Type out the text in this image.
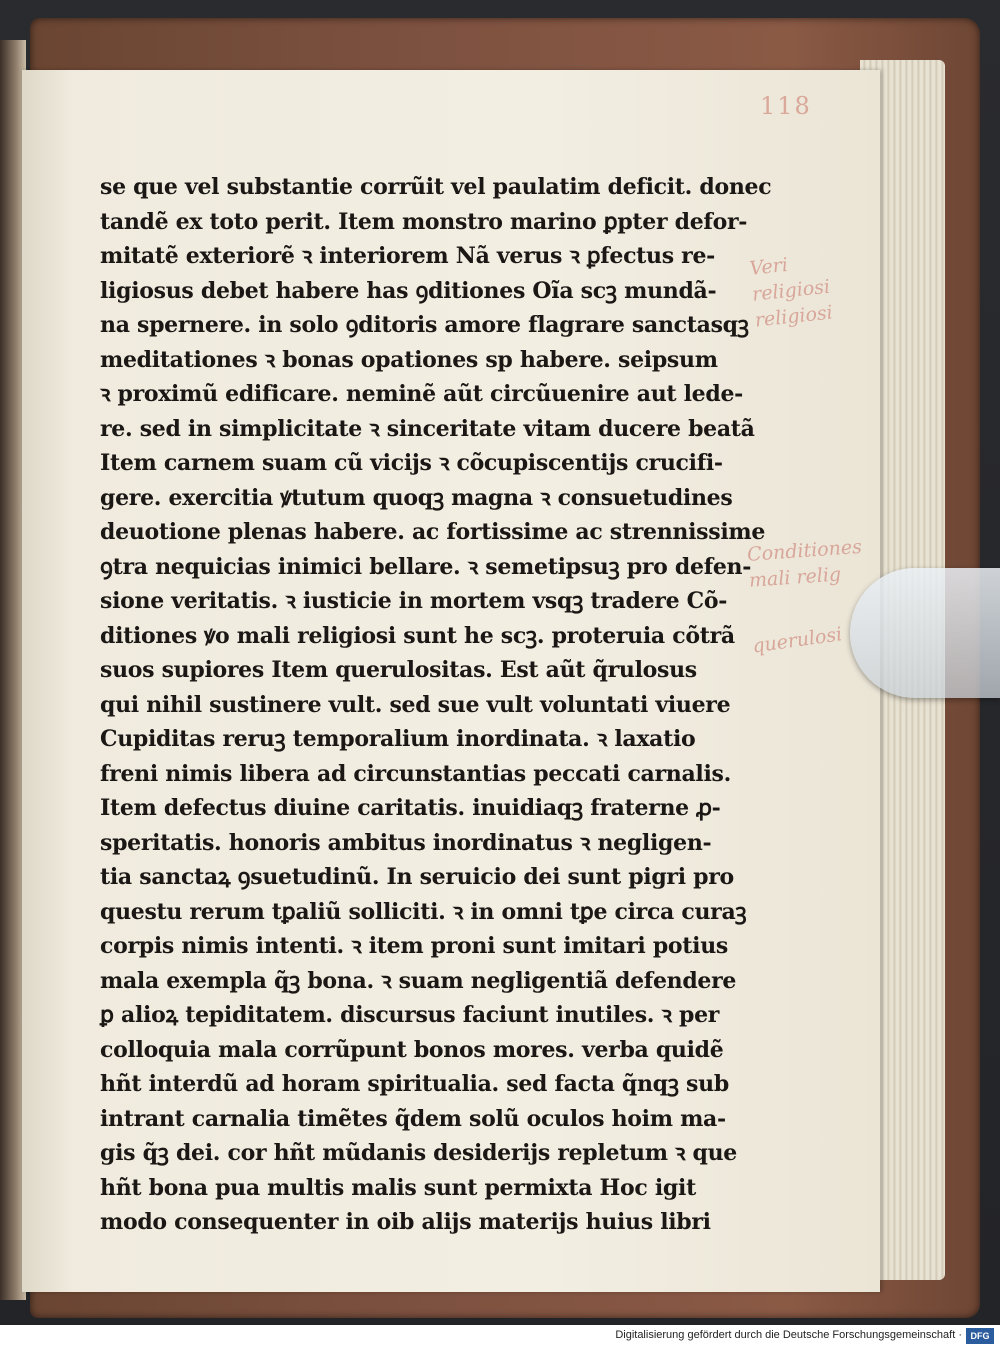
118
se que vel substantie corrũit vel paulatim deficit. donec
tandẽ ex toto perit. Item monstro marino ꝑpter defor-
mitatẽ exteriorẽ ꝛ interiorem Nã verus ꝛ ꝑfectus re-
ligiosus debet habere has ꝯditiones Oĩa scꝫ mundã-
na spernere. in solo ꝯditoris amore flagrare sanctasqꝫ
meditationes ꝛ bonas opationes sp habere. seipsum
ꝛ proximũ edificare. neminẽ aũt circũuenire aut lede-
re. sed in simplicitate ꝛ sinceritate vitam ducere beatã
Item carnem suam cũ vicijs ꝛ cõcupiscentijs crucifi-
gere. exercitia ꝟtutum quoqꝫ magna ꝛ consuetudines
deuotione plenas habere. ac fortissime ac strennissime
ꝯtra nequicias inimici bellare. ꝛ semetipsuꝫ pro defen-
sione veritatis. ꝛ iusticie in mortem vsqꝫ tradere Cõ-
ditiones ꝟo mali religiosi sunt he scꝫ. proteruia cõtrã
suos supiores Item querulositas. Est aũt q̃rulosus
qui nihil sustinere vult. sed sue vult voluntati viuere
Cupiditas reruꝫ temporalium inordinata. ꝛ laxatio
freni nimis libera ad circunstantias peccati carnalis.
Item defectus diuine caritatis. inuidiaqꝫ fraterne ꝓ-
speritatis. honoris ambitus inordinatus ꝛ negligen-
tia sanctaꝝ ꝯsuetudinũ. In seruicio dei sunt pigri pro
questu rerum tꝑaliũ solliciti. ꝛ in omni tꝑe circa curaꝫ
corpis nimis intenti. ꝛ item proni sunt imitari potius
mala exempla q̃ꝫ bona. ꝛ suam negligentiã defendere
ꝑ alioꝝ tepiditatem. discursus faciunt inutiles. ꝛ per
colloquia mala corrũpunt bonos mores. verba quidẽ
hñt interdũ ad horam spiritualia. sed facta q̃nqꝫ sub
intrant carnalia timẽtes q̃dem solũ oculos hoim ma-
gis q̃ꝫ dei. cor hñt mũdanis desiderijs repletum ꝛ que
hñt bona pua multis malis sunt permixta Hoc igit
modo consequenter in oib alijs materijs huius libri
Veri religiosi
religiosi
Conditiones
mali relig
querulosi
Digitalisierung gefördert durch die Deutsche Forschungsgemeinschaft · DFG
